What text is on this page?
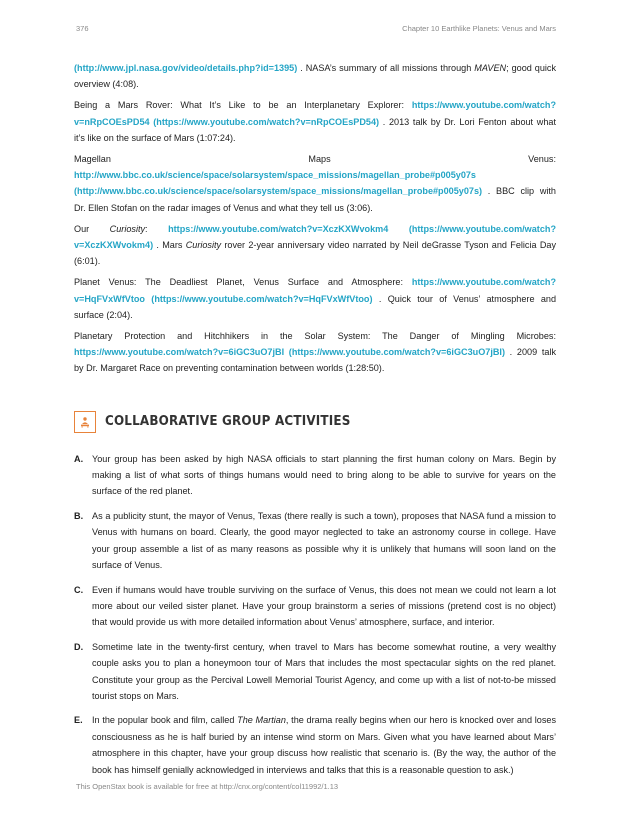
376	Chapter 10 Earthlike Planets: Venus and Mars

(http://www.jpl.nasa.gov/video/details.php?id=1395) . NASA’s summary of all missions through MAVEN; good quick overview (4:08).

Being a Mars Rover: What It’s Like to be an Interplanetary Explorer: https://www.youtube.com/watch?v=nRpCOEsPD54 (https://www.youtube.com/watch?v=nRpCOEsPD54) . 2013 talk by Dr. Lori Fenton about what it’s like on the surface of Mars (1:07:24).

Magellan Maps Venus: http://www.bbc.co.uk/science/space/solarsystem/space_missions/magellan_probe#p005y07s (http://www.bbc.co.uk/science/space/solarsystem/space_missions/magellan_probe#p005y07s) . BBC clip with Dr. Ellen Stofan on the radar images of Venus and what they tell us (3:06).

Our Curiosity: https://www.youtube.com/watch?v=XczKXWvokm4 (https://www.youtube.com/watch?v=XczKXWvokm4) . Mars Curiosity rover 2-year anniversary video narrated by Neil deGrasse Tyson and Felicia Day (6:01).

Planet Venus: The Deadliest Planet, Venus Surface and Atmosphere: https://www.youtube.com/watch?v=HqFVxWfVtoo (https://www.youtube.com/watch?v=HqFVxWfVtoo) . Quick tour of Venus’ atmosphere and surface (2:04).

Planetary Protection and Hitchhikers in the Solar System: The Danger of Mingling Microbes: https://www.youtube.com/watch?v=6iGC3uO7jBI (https://www.youtube.com/watch?v=6iGC3uO7jBI) . 2009 talk by Dr. Margaret Race on preventing contamination between worlds (1:28:50).

COLLABORATIVE GROUP ACTIVITIES
A. Your group has been asked by high NASA officials to start planning the first human colony on Mars. Begin by making a list of what sorts of things humans would need to bring along to be able to survive for years on the surface of the red planet.
B. As a publicity stunt, the mayor of Venus, Texas (there really is such a town), proposes that NASA fund a mission to Venus with humans on board. Clearly, the good mayor neglected to take an astronomy course in college. Have your group assemble a list of as many reasons as possible why it is unlikely that humans will soon land on the surface of Venus.
C. Even if humans would have trouble surviving on the surface of Venus, this does not mean we could not learn a lot more about our veiled sister planet. Have your group brainstorm a series of missions (pretend cost is no object) that would provide us with more detailed information about Venus’ atmosphere, surface, and interior.
D. Sometime late in the twenty-first century, when travel to Mars has become somewhat routine, a very wealthy couple asks you to plan a honeymoon tour of Mars that includes the most spectacular sights on the red planet. Constitute your group as the Percival Lowell Memorial Tourist Agency, and come up with a list of not-to-be missed tourist stops on Mars.
E.	In the popular book and film, called The Martian, the drama really begins when our hero is knocked over and loses consciousness as he is half buried by an intense wind storm on Mars. Given what you have learned about Mars’ atmosphere in this chapter, have your group discuss how realistic that scenario is. (By the way, the author of the book has himself genially acknowledged in interviews and talks that this is a reasonable question to ask.)
This OpenStax book is available for free at http://cnx.org/content/col11992/1.13
